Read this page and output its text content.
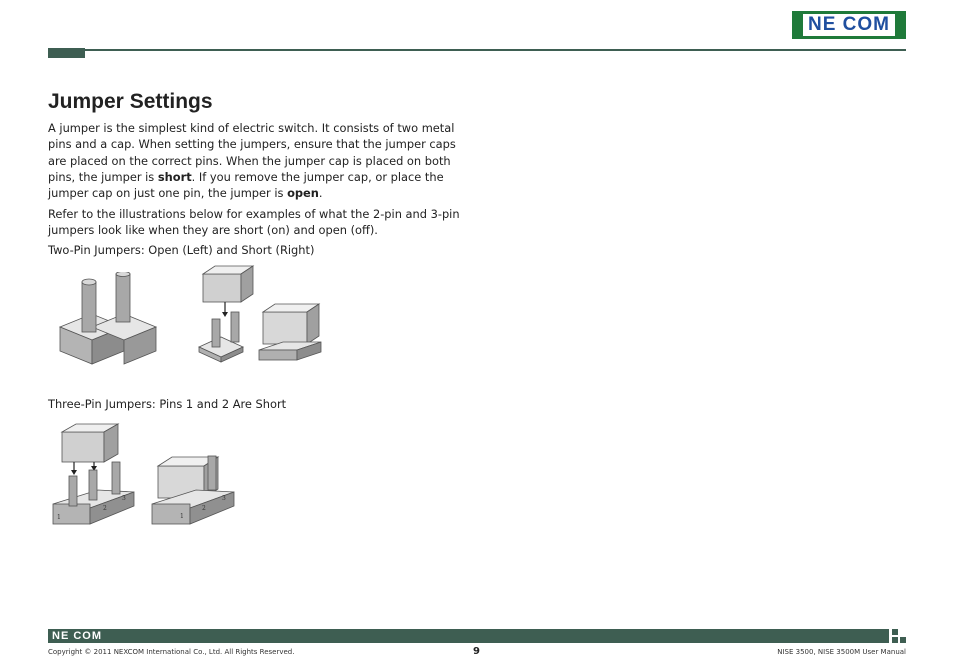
NE COM
Jumper Settings

A jumper is the simplest kind of electric switch. It consists of two metal pins and a cap. When setting the jumpers, ensure that the jumper caps are placed on the correct pins. When the jumper cap is placed on both pins, the jumper is short. If you remove the jumper cap, or place the jumper cap on just one pin, the jumper is open.

Refer to the illustrations below for examples of what the 2-pin and 3-pin jumpers look like when they are short (on) and open (off).

Two-Pin Jumpers: Open (Left) and Short (Right)
Three-Pin Jumpers: Pins 1 and 2 Are Short
1
2
3
1
2
3
NE COM
Copyright © 2011 NEXCOM International Co., Ltd. All Rights Reserved.	9	NISE 3500, NISE 3500M User Manual
